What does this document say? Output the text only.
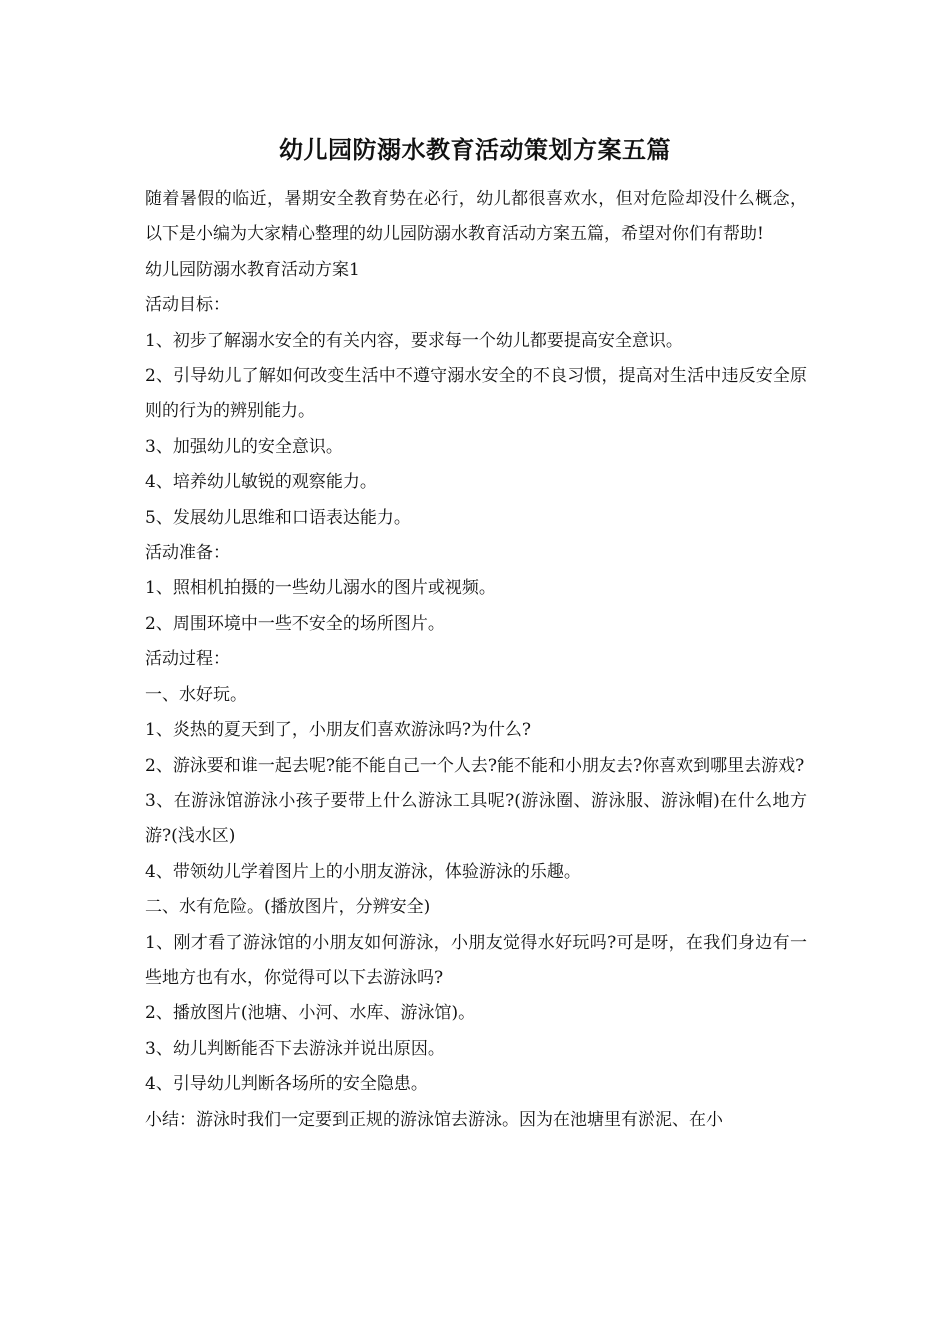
幼儿园防溺水教育活动策划方案五篇

随着暑假的临近，暑期安全教育势在必行，幼儿都很喜欢水，但对危险却没什么概念，以下是小编为大家精心整理的幼儿园防溺水教育活动方案五篇，希望对你们有帮助!

幼儿园防溺水教育活动方案1

活动目标：

1、初步了解溺水安全的有关内容，要求每一个幼儿都要提高安全意识。

2、引导幼儿了解如何改变生活中不遵守溺水安全的不良习惯，提高对生活中违反安全原则的行为的辨别能力。

3、加强幼儿的安全意识。

4、培养幼儿敏锐的观察能力。

5、发展幼儿思维和口语表达能力。

活动准备：

1、照相机拍摄的一些幼儿溺水的图片或视频。

2、周围环境中一些不安全的场所图片。

活动过程：

一、水好玩。

1、炎热的夏天到了，小朋友们喜欢游泳吗?为什么?

2、游泳要和谁一起去呢?能不能自己一个人去?能不能和小朋友去?你喜欢到哪里去游戏?

3、在游泳馆游泳小孩子要带上什么游泳工具呢?(游泳圈、游泳服、游泳帽)在什么地方游?(浅水区)

4、带领幼儿学着图片上的小朋友游泳，体验游泳的乐趣。

二、水有危险。(播放图片，分辨安全)

1、刚才看了游泳馆的小朋友如何游泳，小朋友觉得水好玩吗?可是呀，在我们身边有一些地方也有水，你觉得可以下去游泳吗?

2、播放图片(池塘、小河、水库、游泳馆)。

3、幼儿判断能否下去游泳并说出原因。

4、引导幼儿判断各场所的安全隐患。

小结：游泳时我们一定要到正规的游泳馆去游泳。因为在池塘里有淤泥、在小
